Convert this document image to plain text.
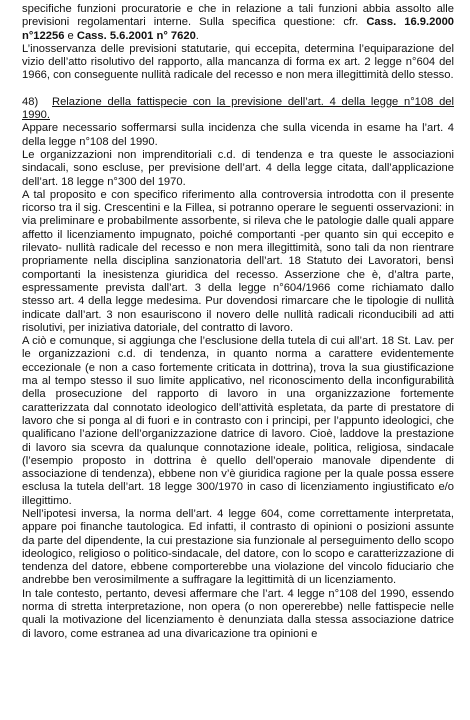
specifiche funzioni procuratorie e che in relazione a tali funzioni abbia assolto alle previsioni regolamentari interne. Sulla specifica questione: cfr. Cass. 16.9.2000 n°12256 e Cass. 5.6.2001 n° 7620.

L’inosservanza delle previsioni statutarie, qui eccepita, determina l’equiparazione del vizio dell’atto risolutivo del rapporto, alla mancanza di forma ex art. 2 legge n°604 del 1966, con conseguente nullità radicale del recesso e non mera illegittimità dello stesso.

48) Relazione della fattispecie con la previsione dell’art. 4 della legge n°108 del 1990.

Appare necessario soffermarsi sulla incidenza che sulla vicenda in esame ha l’art. 4 della legge n°108 del 1990.

Le organizzazioni non imprenditoriali c.d. di tendenza e tra queste le associazioni sindacali, sono escluse, per previsione dell’art. 4 della legge citata, dall’applicazione dell’art. 18 legge n°300 del 1970.

A tal proposito e con specifico riferimento alla controversia introdotta con il presente ricorso tra il sig. Crescentini e la Fillea, si potranno operare le seguenti osservazioni: in via preliminare e probabilmente assorbente, si rileva che le patologie dalle quali appare affetto il licenziamento impugnato, poiché comportanti -per quanto sin qui eccepito e rilevato- nullità radicale del recesso e non mera illegittimità, sono tali da non rientrare propriamente nella disciplina sanzionatoria dell’art. 18 Statuto dei Lavoratori, bensì comportanti la inesistenza giuridica del recesso. Asserzione che è, d’altra parte, espressamente prevista dall’art. 3 della legge n°604/1966 come richiamato dallo stesso art. 4 della legge medesima. Pur dovendosi rimarcare che le tipologie di nullità indicate dall’art. 3 non esauriscono il novero delle nullità radicali riconducibili ad atti risolutivi, per iniziativa datoriale, del contratto di lavoro.

A ciò e comunque, si aggiunga che l’esclusione della tutela di cui all’art. 18 St. Lav. per le organizzazioni c.d. di tendenza, in quanto norma a carattere evidentemente eccezionale (e non a caso fortemente criticata in dottrina), trova la sua giustificazione ma al tempo stesso il suo limite applicativo, nel riconoscimento della inconfigurabilità della prosecuzione del rapporto di lavoro in una organizzazione fortemente caratterizzata dal connotato ideologico dell’attività espletata, da parte di prestatore di lavoro che si ponga al di fuori e in contrasto con i principi, per l’appunto ideologici, che qualificano l’azione dell’organizzazione datrice di lavoro. Cioè, laddove la prestazione di lavoro sia scevra da qualunque connotazione ideale, politica, religiosa, sindacale (l’esempio proposto in dottrina è quello dell’operaio manovale dipendente di associazione di tendenza), ebbene non v’è giuridica ragione per la quale possa essere esclusa la tutela dell’art. 18 legge 300/1970 in caso di licenziamento ingiustificato e/o illegittimo.

Nell’ipotesi inversa, la norma dell’art. 4 legge 604, come correttamente interpretata, appare poi finanche tautologica. Ed infatti, il contrasto di opinioni o posizioni assunte da parte del dipendente, la cui prestazione sia funzionale al perseguimento dello scopo ideologico, religioso o politico-sindacale, del datore, con lo scopo e caratterizzazione di tendenza del datore, ebbene comporterebbe una violazione del vincolo fiduciario che andrebbe ben verosimilmente a suffragare la legittimità di un licenziamento.

In tale contesto, pertanto, devesi affermare che l’art. 4 legge n°108 del 1990, essendo norma di stretta interpretazione, non opera (o non opererebbe) nelle fattispecie nelle quali la motivazione del licenziamento è denunziata dalla stessa associazione datrice di lavoro, come estranea ad una divaricazione tra opinioni e
